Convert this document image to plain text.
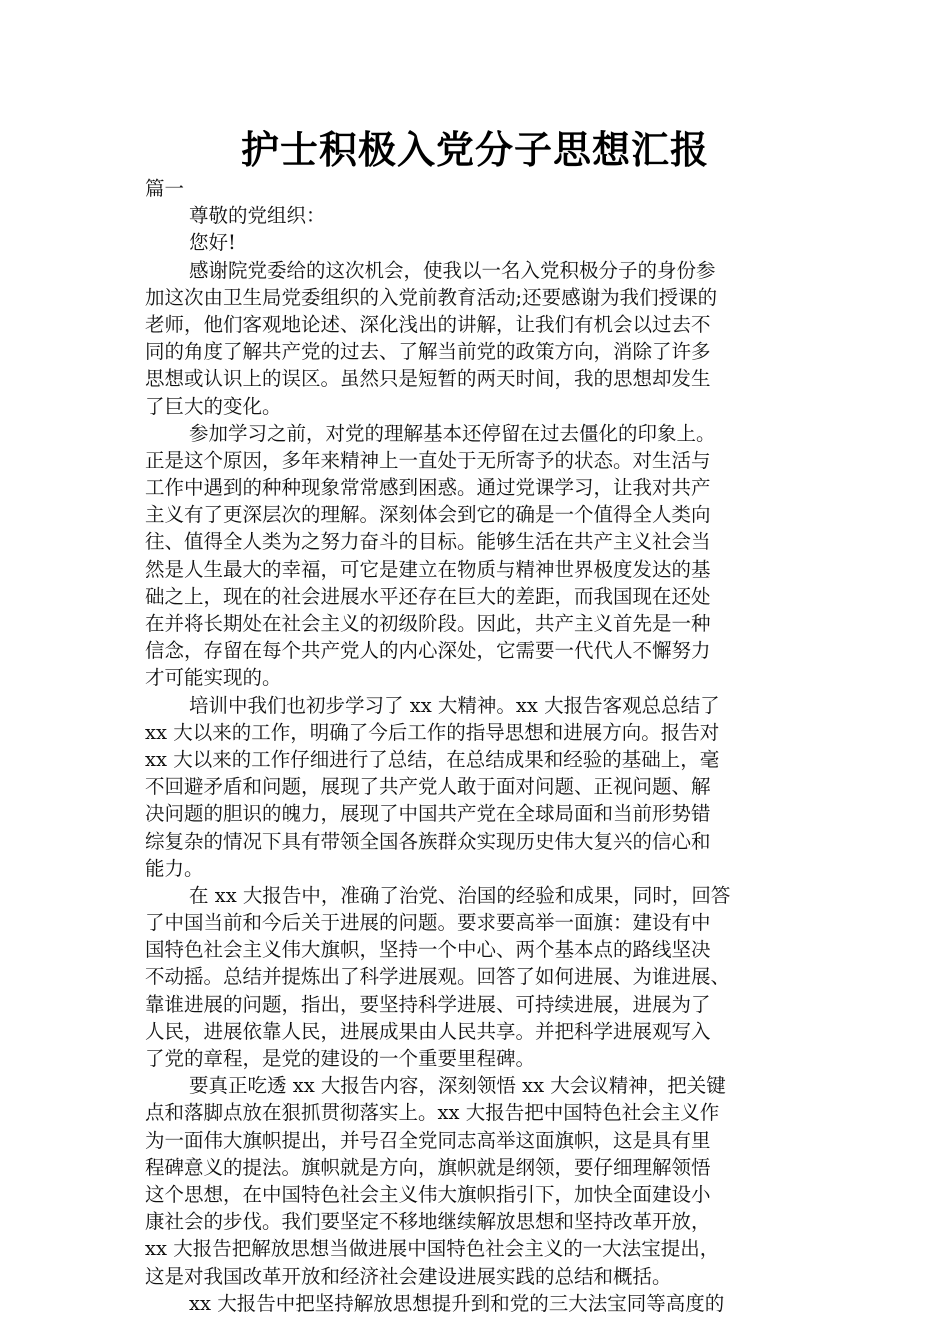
护士积极入党分子思想汇报
篇一
尊敬的党组织：
您好!
感谢院党委给的这次机会，使我以一名入党积极分子的身份参
加这次由卫生局党委组织的入党前教育活动;还要感谢为我们授课的
老师，他们客观地论述、深化浅出的讲解，让我们有机会以过去不
同的角度了解共产党的过去、了解当前党的政策方向，消除了许多
思想或认识上的误区。虽然只是短暂的两天时间，我的思想却发生
了巨大的变化。
参加学习之前，对党的理解基本还停留在过去僵化的印象上。
正是这个原因，多年来精神上一直处于无所寄予的状态。对生活与
工作中遇到的种种现象常常感到困惑。通过党课学习，让我对共产
主义有了更深层次的理解。深刻体会到它的确是一个值得全人类向
往、值得全人类为之努力奋斗的目标。能够生活在共产主义社会当
然是人生最大的幸福，可它是建立在物质与精神世界极度发达的基
础之上，现在的社会进展水平还存在巨大的差距，而我国现在还处
在并将长期处在社会主义的初级阶段。因此，共产主义首先是一种
信念，存留在每个共产党人的内心深处，它需要一代代人不懈努力
才可能实现的。
培训中我们也初步学习了 xx 大精神。xx 大报告客观总总结了
xx 大以来的工作，明确了今后工作的指导思想和进展方向。报告对
xx 大以来的工作仔细进行了总结，在总结成果和经验的基础上，毫
不回避矛盾和问题，展现了共产党人敢于面对问题、正视问题、解
决问题的胆识的魄力，展现了中国共产党在全球局面和当前形势错
综复杂的情况下具有带领全国各族群众实现历史伟大复兴的信心和
能力。
在 xx 大报告中，准确了治党、治国的经验和成果，同时，回答
了中国当前和今后关于进展的问题。要求要高举一面旗：建设有中
国特色社会主义伟大旗帜，坚持一个中心、两个基本点的路线坚决
不动摇。总结并提炼出了科学进展观。回答了如何进展、为谁进展、
靠谁进展的问题，指出，要坚持科学进展、可持续进展，进展为了
人民，进展依靠人民，进展成果由人民共享。并把科学进展观写入
了党的章程，是党的建设的一个重要里程碑。
要真正吃透 xx 大报告内容，深刻领悟 xx 大会议精神，把关键
点和落脚点放在狠抓贯彻落实上。xx 大报告把中国特色社会主义作
为一面伟大旗帜提出，并号召全党同志高举这面旗帜，这是具有里
程碑意义的提法。旗帜就是方向，旗帜就是纲领，要仔细理解领悟
这个思想，在中国特色社会主义伟大旗帜指引下，加快全面建设小
康社会的步伐。我们要坚定不移地继续解放思想和坚持改革开放，
xx 大报告把解放思想当做进展中国特色社会主义的一大法宝提出，
这是对我国改革开放和经济社会建设进展实践的总结和概括。
xx 大报告中把坚持解放思想提升到和党的三大法宝同等高度的
